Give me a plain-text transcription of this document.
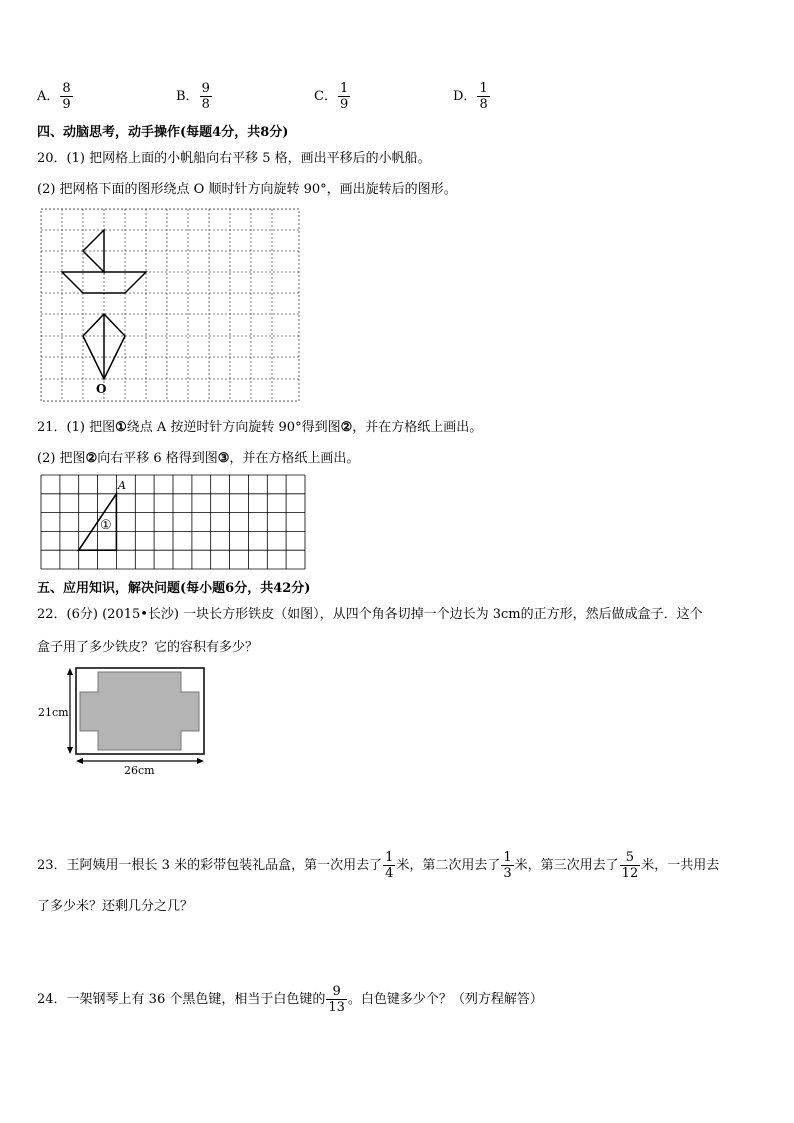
A． $\frac{8}{9}$	B． $\frac{9}{8}$	C． $\frac{1}{9}$	D． $\frac{1}{8}$
四、动脑思考，动手操作(每题4分，共8分)
20．(1) 把网格上面的小帆船向右平移 5 格，画出平移后的小帆船。
(2) 把网格下面的图形绕点 O 顺时针方向旋转 90°，画出旋转后的图形。
O
21．(1) 把图①绕点 A 按逆时针方向旋转 90°得到图②，并在方格纸上画出。
(2) 把图②向右平移 6 格得到图③，并在方格纸上画出。
A
①
五、应用知识，解决问题(每小题6分，共42分)
22．(6分) (2015•长沙) 一块长方形铁皮（如图），从四个角各切掉一个边长为 3cm的正方形，然后做成盒子．这个
盒子用了多少铁皮？它的容积有多少？
21cm
26cm
23．王阿姨用一根长 3 米的彩带包装礼品盒，第一次用去了 $\frac{1}{4}$ 米，第二次用去了 $\frac{1}{3}$ 米，第三次用去了 $\frac{5}{12}$ 米，一共用去
了多少米？还剩几分之几？
24．一架钢琴上有 36 个黑色键，相当于白色键的 $\frac{9}{13}$ 。白色键多少个？（列方程解答）
